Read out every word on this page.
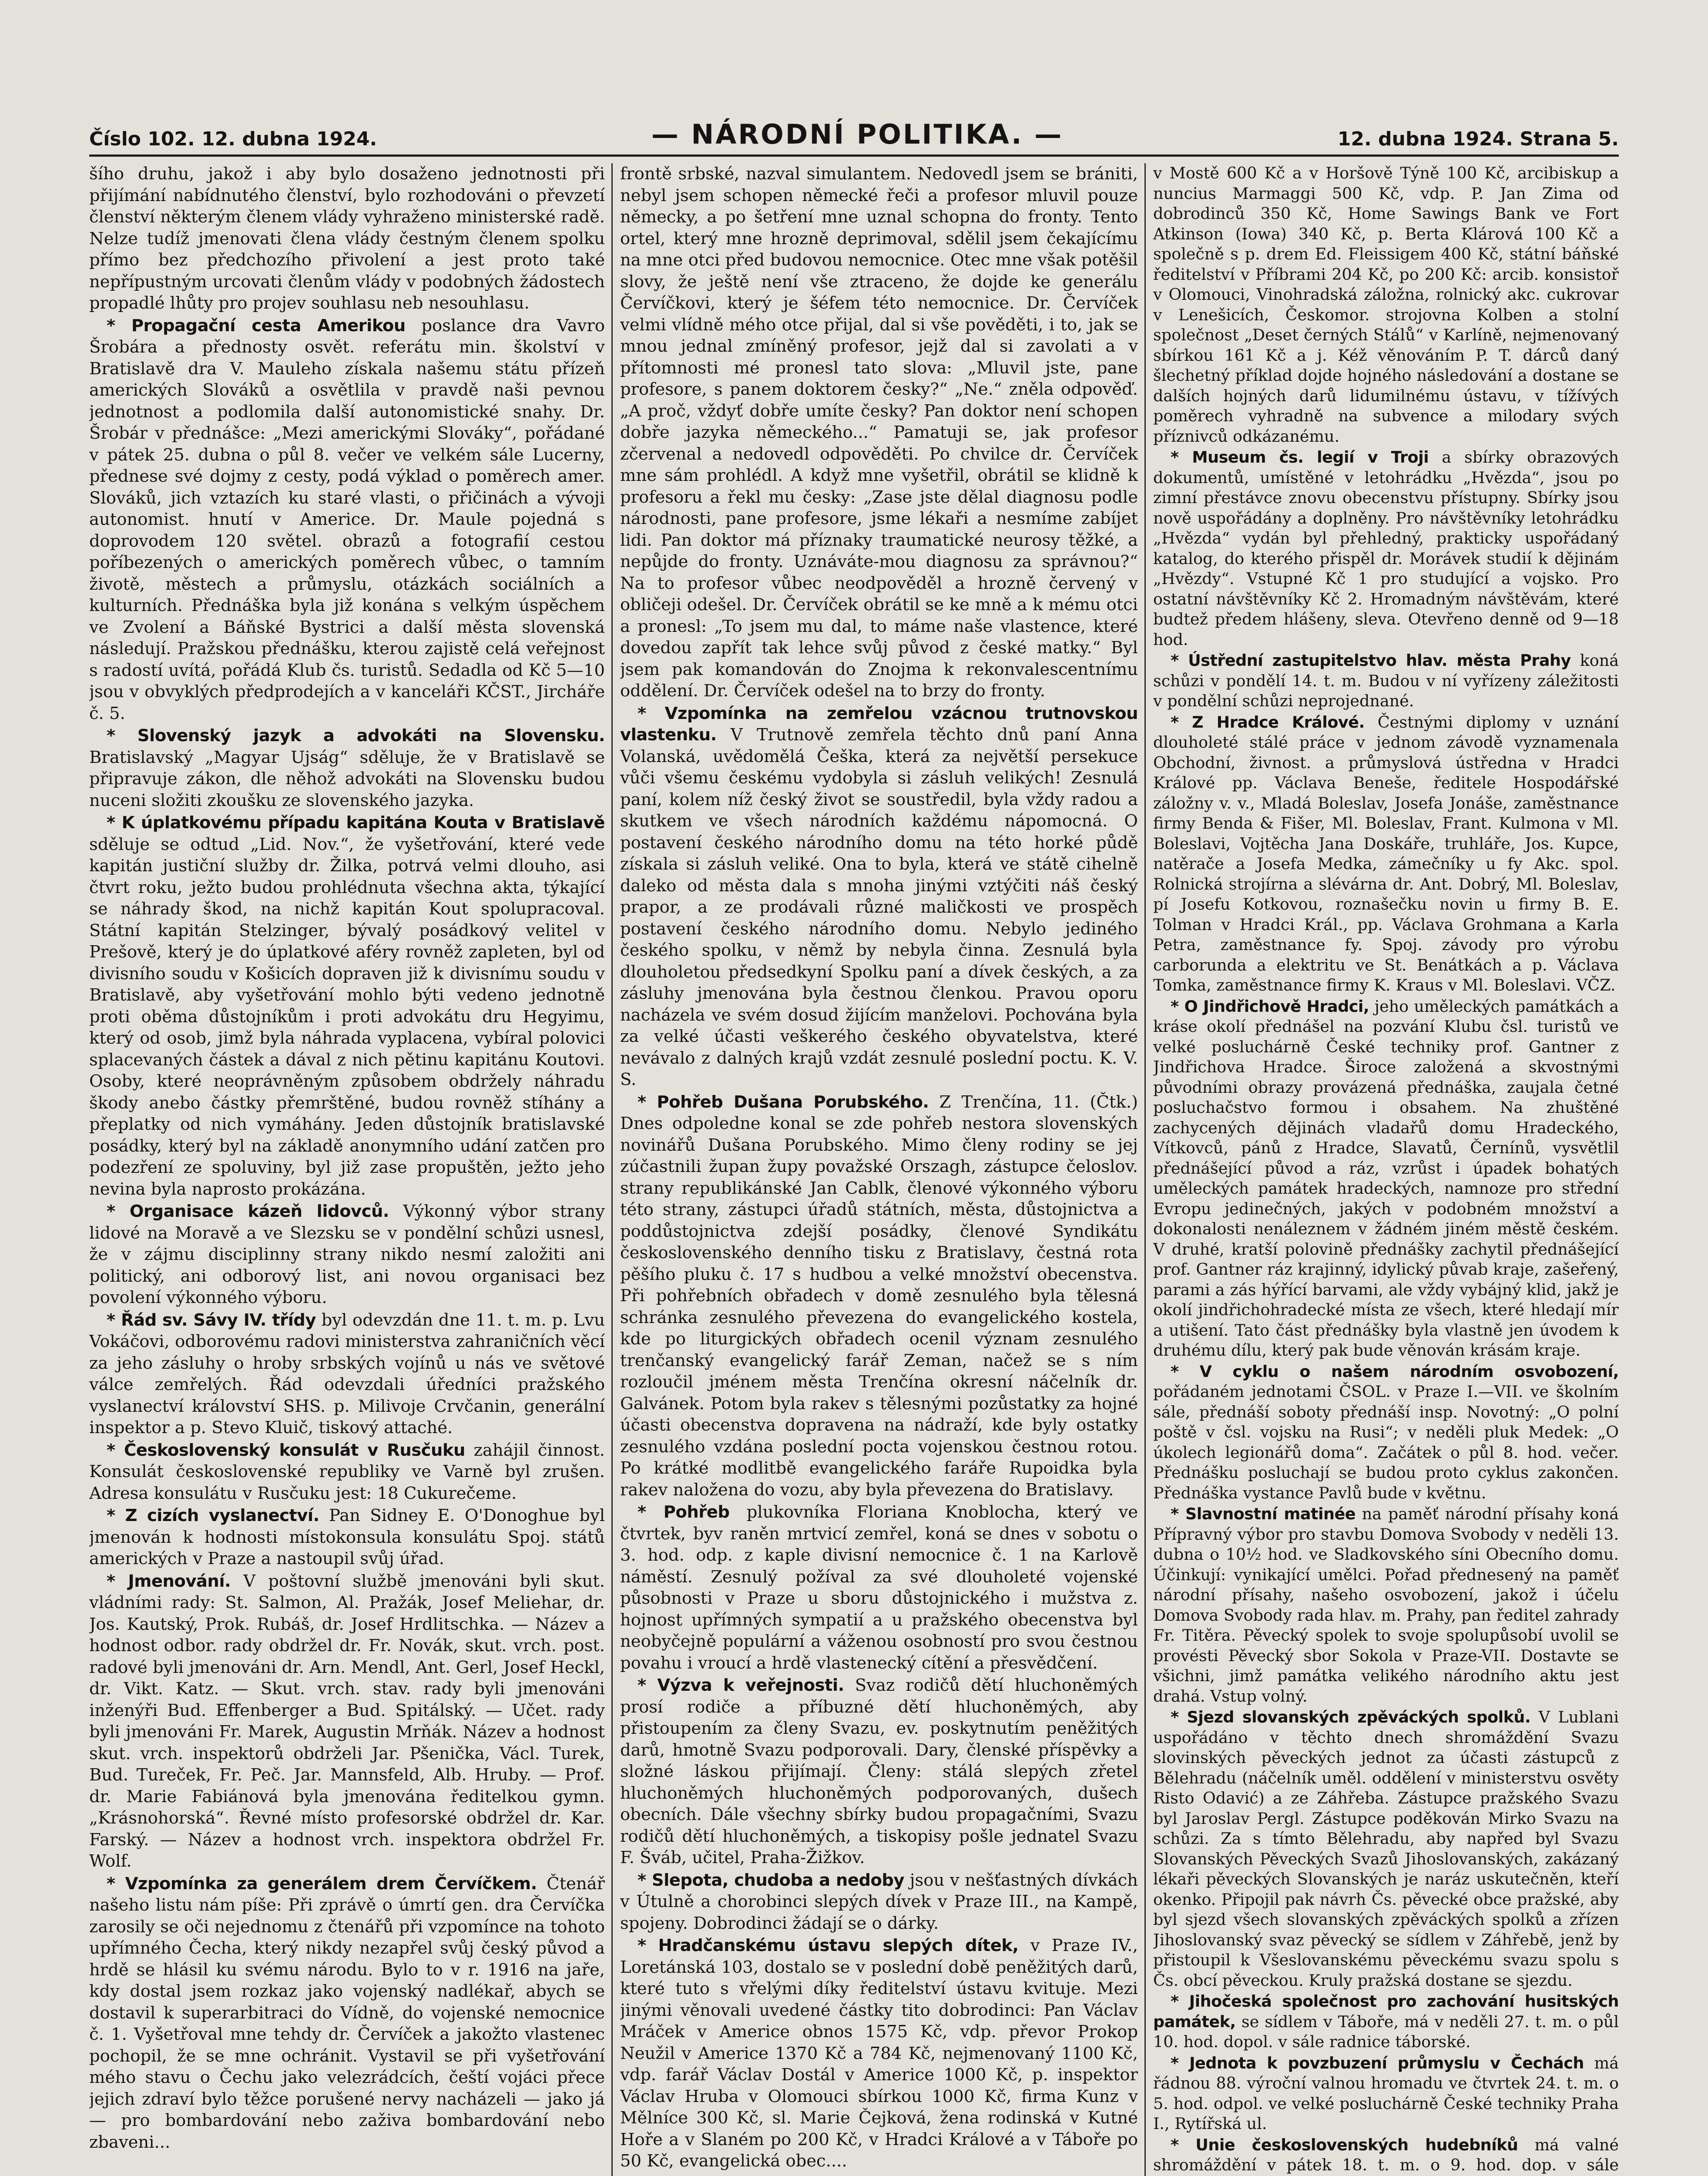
Číslo 102. 12. dubna 1924.	— NÁRODNÍ POLITIKA. —	12. dubna 1924. Strana 5.

šího druhu, jakož i aby bylo dosaženo jednotnosti při přijímání nabídnutého členství, bylo rozhodováni o převzetí členství některým členem vlády vyhraženo ministerské radě. Nelze tudíž jmenovati člena vlády čestným členem spolku přímo bez předchozího přivolení a jest proto také nepřípustným urcovati členům vlády v podobných žádostech propadlé lhůty pro projev souhlasu neb nesouhlasu.

* Propagační cesta Amerikou poslance dra Vavro Šrobára a přednosty osvět. referátu min. školství v Bratislavě dra V. Mauleho získala našemu státu přízeň amerických Slováků a osvětlila v pravdě naši pevnou jednotnost a podlomila další autonomistické snahy. Dr. Šrobár v přednášce: „Mezi americkými Slováky“, pořádané v pátek 25. dubna o půl 8. večer ve velkém sále Lucerny, přednese své dojmy z cesty, podá výklad o poměrech amer. Slováků, jich vztazích ku staré vlasti, o přičinách a vývoji autonomist. hnutí v Americe. Dr. Maule pojedná s doprovodem 120 světel. obrazů a fotografií cestou poříbezených o amerických poměrech vůbec, o tamním životě, městech a průmyslu, otázkách sociálních a kulturních. Přednáška byla již konána s velkým úspěchem ve Zvolení a Báňské Bystrici a další města slovenská následují. Pražskou přednášku, kterou zajistě celá veřejnost s radostí uvítá, pořádá Klub čs. turistů. Sedadla od Kč 5—10 jsou v obvyklých předprodejích a v kanceláři KČST., Jircháře č. 5.

* Slovenský jazyk a advokáti na Slovensku. Bratislavský „Magyar Ujság“ sděluje, že v Bratislavě se připravuje zákon, dle něhož advokáti na Slovensku budou nuceni složiti zkoušku ze slovenského jazyka.

* K úplatkovému případu kapitána Kouta v Bratislavě sděluje se odtud „Lid. Nov.“, že vyšetřování, které vede kapitán justiční služby dr. Žilka, potrvá velmi dlouho, asi čtvrt roku, ježto budou prohlédnuta všechna akta, týkající se náhrady škod, na nichž kapitán Kout spolupracoval. Státní kapitán Stelzinger, bývalý posádkový velitel v Prešově, který je do úplatkové aféry rovněž zapleten, byl od divisního soudu v Košicích dopraven již k divisnímu soudu v Bratislavě, aby vyšetřování mohlo býti vedeno jednotně proti oběma důstojníkům i proti advokátu dru Hegyimu, který od osob, jimž byla náhrada vyplacena, vybíral polovici splacevaných částek a dával z nich pětinu kapitánu Koutovi. Osoby, které neoprávněným způsobem obdržely náhradu škody anebo částky přemrštěné, budou rovněž stíhány a přeplatky od nich vymáhány. Jeden důstojník bratislavské posádky, který byl na základě anonymního udání zatčen pro podezření ze spoluviny, byl již zase propuštěn, ježto jeho nevina byla naprosto prokázána.

* Organisace kázeň lidovců. Výkonný výbor strany lidové na Moravě a ve Slezsku se v pondělní schůzi usnesl, že v zájmu disciplinny strany nikdo nesmí založiti ani politický, ani odborový list, ani novou organisaci bez povolení výkonného výboru.

* Řád sv. Sávy IV. třídy byl odevzdán dne 11. t. m. p. Lvu Vokáčovi, odborovému radovi ministerstva zahraničních věcí za jeho zásluhy o hroby srbských vojínů u nás ve světové válce zemřelých. Řád odevzdali úředníci pražského vyslanectví království SHS. p. Milivoje Crvčanin, generální inspektor a p. Stevo Kluič, tiskový attaché.

* Československý konsulát v Rusčuku zahájil činnost. Konsulát československé republiky ve Varně byl zrušen. Adresa konsulátu v Rusčuku jest: 18 Cukurečeme.

* Z cizích vyslanectví. Pan Sidney E. O'Donoghue byl jmenován k hodnosti místokonsula konsulátu Spoj. států amerických v Praze a nastoupil svůj úřad.

* Jmenování. V poštovní službě jmenováni byli skut. vládními rady: St. Salmon, Al. Pražák, Josef Meliehar, dr. Jos. Kautský, Prok. Rubáš, dr. Josef Hrdlitschka. — Název a hodnost odbor. rady obdržel dr. Fr. Novák, skut. vrch. post. radové byli jmenováni dr. Arn. Mendl, Ant. Gerl, Josef Heckl, dr. Vikt. Katz. — Skut. vrch. stav. rady byli jmenováni inženýři Bud. Effenberger a Bud. Spitálský. — Učet. rady byli jmenováni Fr. Marek, Augustin Mrňák. Název a hodnost skut. vrch. inspektorů obdrželi Jar. Pšenička, Václ. Turek, Bud. Tureček, Fr. Peč. Jar. Mannsfeld, Alb. Hruby. — Prof. dr. Marie Fabiánová byla jmenována ředitelkou gymn. „Krásnohorská“. Řevné místo profesorské obdržel dr. Kar. Farský. — Název a hodnost vrch. inspektora obdržel Fr. Wolf.

* Vzpomínka za generálem drem Červíčkem. Čtenář našeho listu nám píše: Při zprávě o úmrtí gen. dra Červíčka zarosily se oči nejednomu z čtenářů při vzpomínce na tohoto upřímného Čecha, který nikdy nezapřel svůj český původ a hrdě se hlásil ku svému národu. Bylo to v r. 1916 na jaře, kdy dostal jsem rozkaz jako vojenský nadlékař, abych se dostavil k superarbitraci do Vídně, do vojenské nemocnice č. 1. Vyšetřoval mne tehdy dr. Červíček a jakožto vlastenec pochopil, že se mne ochránit. Vystavil se při vyšetřování mého stavu o Čechu jako velezrádcích, čeští vojáci přece jejich zdraví bylo těžce porušené nervy nacházeli — jako já — pro bombardování nebo zaživa bombardování nebo zbaveni...

frontě srbské, nazval simulantem. Nedovedl jsem se brániti, nebyl jsem schopen německé řeči a profesor mluvil pouze německy, a po šetření mne uznal schopna do fronty. Tento ortel, který mne hrozně deprimoval, sdělil jsem čekajícímu na mne otci před budovou nemocnice. Otec mne však potěšil slovy, že ještě není vše ztraceno, že dojde ke generálu Červíčkovi, který je šéfem této nemocnice. Dr. Červíček velmi vlídně mého otce přijal, dal si vše pověděti, i to, jak se mnou jednal zmíněný profesor, jejž dal si zavolati a v přítomnosti mé pronesl tato slova: „Mluvil jste, pane profesore, s panem doktorem česky?“ „Ne.“ zněla odpověď. „A proč, vždyť dobře umíte česky? Pan doktor není schopen dobře jazyka německého...“ Pamatuji se, jak profesor zčervenal a nedovedl odpověděti. Po chvilce dr. Červíček mne sám prohlédl. A když mne vyšetřil, obrátil se klidně k profesoru a řekl mu česky: „Zase jste dělal diagnosu podle národnosti, pane profesore, jsme lékaři a nesmíme zabíjet lidi. Pan doktor má příznaky traumatické neurosy těžké, a nepůjde do fronty. Uznáváte-mou diagnosu za správnou?“ Na to profesor vůbec neodpověděl a hrozně červený v obličeji odešel. Dr. Červíček obrátil se ke mně a k mému otci a pronesl: „To jsem mu dal, to máme naše vlastence, které dovedou zapřít tak lehce svůj původ z české matky.“ Byl jsem pak komandován do Znojma k rekonvalescentnímu oddělení. Dr. Červíček odešel na to brzy do fronty.

* Vzpomínka na zemřelou vzácnou trutnovskou vlastenku. V Trutnově zemřela těchto dnů paní Anna Volanská, uvědomělá Češka, která za největší persekuce vůči všemu českému vydobyla si zásluh velikých! Zesnulá paní, kolem níž český život se soustředil, byla vždy radou a skutkem ve všech národních každému nápomocná. O postavení českého národního domu na této horké půdě získala si zásluh veliké. Ona to byla, která ve státě cihelně daleko od města dala s mnoha jinými vztýčiti náš český prapor, a ze prodávali různé maličkosti ve prospěch postavení českého národního domu. Nebylo jediného českého spolku, v němž by nebyla činna. Zesnulá byla dlouholetou předsedkyní Spolku paní a dívek českých, a za zásluhy jmenována byla čestnou členkou. Pravou oporu nacházela ve svém dosud žijícím manželovi. Pochována byla za velké účasti veškerého českého obyvatelstva, které nevávalo z dalných krajů vzdát zesnulé poslední poctu. K. V. S.

* Pohřeb Dušana Porubského. Z Trenčína, 11. (Čtk.) Dnes odpoledne konal se zde pohřeb nestora slovenských novinářů Dušana Porubského. Mimo členy rodiny se jej zúčastnili župan župy považské Orszagh, zástupce čeloslov. strany republikánské Jan Cablk, členové výkonného výboru této strany, zástupci úřadů státních, města, důstojnictva a poddůstojnictva zdejší posádky, členové Syndikátu československého denního tisku z Bratislavy, čestná rota pěšího pluku č. 17 s hudbou a velké množství obecenstva. Při pohřebních obřadech v domě zesnulého byla tělesná schránka zesnulého převezena do evangelického kostela, kde po liturgických obřadech ocenil význam zesnulého trenčanský evangelický farář Zeman, načež se s ním rozloučil jménem města Trenčína okresní náčelník dr. Galvánek. Potom byla rakev s tělesnými pozůstatky za hojné účasti obecenstva dopravena na nádraží, kde byly ostatky zesnulého vzdána poslední pocta vojenskou čestnou rotou. Po krátké modlitbě evangelického faráře Rupoidka byla rakev naložena do vozu, aby byla převezena do Bratislavy.

* Pohřeb plukovníka Floriana Knoblocha, který ve čtvrtek, byv raněn mrtvicí zemřel, koná se dnes v sobotu o 3. hod. odp. z kaple divisní nemocnice č. 1 na Karlově náměstí. Zesnulý požíval za své dlouholeté vojenské působnosti v Praze u sboru důstojnického i mužstva z. hojnost upřímných sympatií a u pražského obecenstva byl neobyčejně populární a váženou osobností pro svou čestnou povahu i vroucí a hrdě vlastenecký cítění a přesvědčení.

* Výzva k veřejnosti. Svaz rodičů dětí hluchoněmých prosí rodiče a příbuzné dětí hluchoněmých, aby přistoupením za členy Svazu, ev. poskytnutím peněžitých darů, hmotně Svazu podporovali. Dary, členské příspěvky a složné láskou přijímají. Členy: stálá slepých zřetel hluchoněmých hluchoněmých podporovaných, dušech obecních. Dále všechny sbírky budou propagačními, Svazu rodičů dětí hluchoněmých, a tiskopisy pošle jednatel Svazu F. Šváb, učitel, Praha-Žižkov.

* Slepota, chudoba a nedoby jsou v nešťastných dívkách v Útulně a chorobinci slepých dívek v Praze III., na Kampě, spojeny. Dobrodinci žádají se o dárky.

* Hradčanskému ústavu slepých dítek, v Praze IV., Loretánská 103, dostalo se v poslední době peněžitých darů, které tuto s vřelými díky ředitelství ústavu kvituje. Mezi jinými věnovali uvedené částky tito dobrodinci: Pan Václav Mráček v Americe obnos 1575 Kč, vdp. převor Prokop Neužil v Americe 1370 Kč a 784 Kč, nejmenovaný 1100 Kč, vdp. farář Václav Dostál v Americe 1000 Kč, p. inspektor Václav Hruba v Olomouci sbírkou 1000 Kč, firma Kunz v Mělníce 300 Kč, sl. Marie Čejková, žena rodinská v Kutné Hoře a v Slaném po 200 Kč, v Hradci Králové a v Táboře po 50 Kč, evangelická obec....

v Mostě 600 Kč a v Horšově Týně 100 Kč, arcibiskup a nuncius Marmaggi 500 Kč, vdp. P. Jan Zima od dobrodinců 350 Kč, Home Sawings Bank ve Fort Atkinson (Iowa) 340 Kč, p. Berta Klárová 100 Kč a společně s p. drem Ed. Fleissigem 400 Kč, státní báňské ředitelství v Příbrami 204 Kč, po 200 Kč: arcib. konsistoř v Olomouci, Vinohradská záložna, rolnický akc. cukrovar v Lenešicích, Českomor. strojovna Kolben a stolní společnost „Deset černých Stálů“ v Karlíně, nejmenovaný sbírkou 161 Kč a j. Kéž věnováním P. T. dárců daný šlechetný příklad dojde hojného následování a dostane se dalších hojných darů lidumilnému ústavu, v tížívých poměrech vyhradně na subvence a milodary svých příznivců odkázanému.

* Museum čs. legií v Troji a sbírky obrazových dokumentů, umístěné v letohrádku „Hvězda“, jsou po zimní přestávce znovu obecenstvu přístupny. Sbírky jsou nově uspořádány a doplněny. Pro návštěvníky letohrádku „Hvězda“ vydán byl přehledný, prakticky uspořádaný katalog, do kterého přispěl dr. Morávek studií k dějinám „Hvězdy“. Vstupné Kč 1 pro studující a vojsko. Pro ostatní návštěvníky Kč 2. Hromadným návštěvám, které budtež předem hlášeny, sleva. Otevřeno denně od 9—18 hod.

* Ústřední zastupitelstvo hlav. města Prahy koná schůzi v pondělí 14. t. m. Budou v ní vyřízeny záležitosti v pondělní schůzi neprojednané.

* Z Hradce Králové. Čestnými diplomy v uznání dlouholeté stálé práce v jednom závodě vyznamenala Obchodní, živnost. a průmyslová ústředna v Hradci Králové pp. Václava Beneše, ředitele Hospodářské záložny v. v., Mladá Boleslav, Josefa Jonáše, zaměstnance firmy Benda & Fišer, Ml. Boleslav, Frant. Kulmona v Ml. Boleslavi, Vojtěcha Jana Doskáře, truhláře, Jos. Kupce, natěrače a Josefa Medka, zámečníky u fy Akc. spol. Rolnická strojírna a slévárna dr. Ant. Dobrý, Ml. Boleslav, pí Josefu Kotkovou, roznašečku novin u firmy B. E. Tolman v Hradci Král., pp. Václava Grohmana a Karla Petra, zaměstnance fy. Spoj. závody pro výrobu carborunda a elektritu ve St. Benátkách a p. Václava Tomka, zaměstnance firmy K. Kraus v Ml. Boleslavi. VČZ.

* O Jindřichově Hradci, jeho uměleckých památkách a kráse okolí přednášel na pozvání Klubu čsl. turistů ve velké posluchárně České techniky prof. Gantner z Jindřichova Hradce. Široce založená a skvostnými původními obrazy provázená přednáška, zaujala četné posluchačstvo formou i obsahem. Na zhuštěné zachycených dějinách vladařů domu Hradeckého, Vítkovců, pánů z Hradce, Slavatů, Černínů, vysvětlil přednášející původ a ráz, vzrůst i úpadek bohatých uměleckých památek hradeckých, namnoze pro střední Evropu jedinečných, jakých v podobném množství a dokonalosti nenáleznem v žádném jiném městě českém. V druhé, kratší polovině přednášky zachytil přednášející prof. Gantner ráz krajinný, idylický půvab kraje, zašeřený, parami a zás hýřící barvami, ale vždy vybájný klid, jakž je okolí jindřichohradecké místa ze všech, které hledají mír a utišení. Tato část přednášky byla vlastně jen úvodem k druhému dílu, který pak bude věnován krásám kraje.

* V cyklu o našem národním osvobození, pořádaném jednotami ČSOL. v Praze I.—VII. ve školním sále, přednáší soboty přednáší insp. Novotný: „O polní poště v čsl. vojsku na Rusi“; v neděli pluk Medek: „O úkolech legionářů doma“. Začátek o půl 8. hod. večer. Přednášku posluchají se budou proto cyklus zakončen. Přednáška vystance Pavlů bude v květnu.

* Slavnostní matinée na paměť národní přísahy koná Přípravný výbor pro stavbu Domova Svobody v neděli 13. dubna o 10½ hod. ve Sladkovského síni Obecního domu. Účinkují: vynikající umělci. Pořad přednesený na paměť národní přísahy, našeho osvobození, jakož i účelu Domova Svobody rada hlav. m. Prahy, pan ředitel zahrady Fr. Titěra. Pěvecký spolek to svoje spolupůsobí uvolil se provésti Pěvecký sbor Sokola v Praze-VII. Dostavte se všichni, jimž památka velikého národního aktu jest drahá. Vstup volný.

* Sjezd slovanských zpěváckých spolků. V Lublani uspořádáno v těchto dnech shromáždění Svazu slovinských pěveckých jednot za účasti zástupců z Bělehradu (náčelník uměl. oddělení v ministerstvu osvěty Risto Odavić) a ze Záhřeba. Zástupce pražského Svazu byl Jaroslav Pergl. Zástupce poděkován Mirko Svazu na schůzi. Za s tímto Bělehradu, aby napřed byl Svazu Slovanských Pěveckých Svazů Jihoslovanských, zakázaný lékaři pěveckých Slovanských je naráz uskutečněn, kteří okenko. Připojil pak návrh Čs. pěvecké obce pražské, aby byl sjezd všech slovanských zpěváckých spolků a zřízen Jihoslovanský svaz pěvecký se sídlem v Záhřebě, jenž by přistoupil k Všeslovanskému pěveckému svazu spolu s Čs. obcí pěveckou. Kruly pražská dostane se sjezdu.

* Jihočeská společnost pro zachování husitských památek, se sídlem v Táboře, má v neděli 27. t. m. o půl 10. hod. dopol. v sále radnice táborské.

* Jednota k povzbuzení průmyslu v Čechách má řádnou 88. výroční valnou hromadu ve čtvrtek 24. t. m. o 5. hod. odpol. ve velké posluchárně České techniky Praha I., Rytířská ul.

* Unie československých hudebníků má valné shromáždění v pátek 18. t. m. o 9. hod. dop. v sále
